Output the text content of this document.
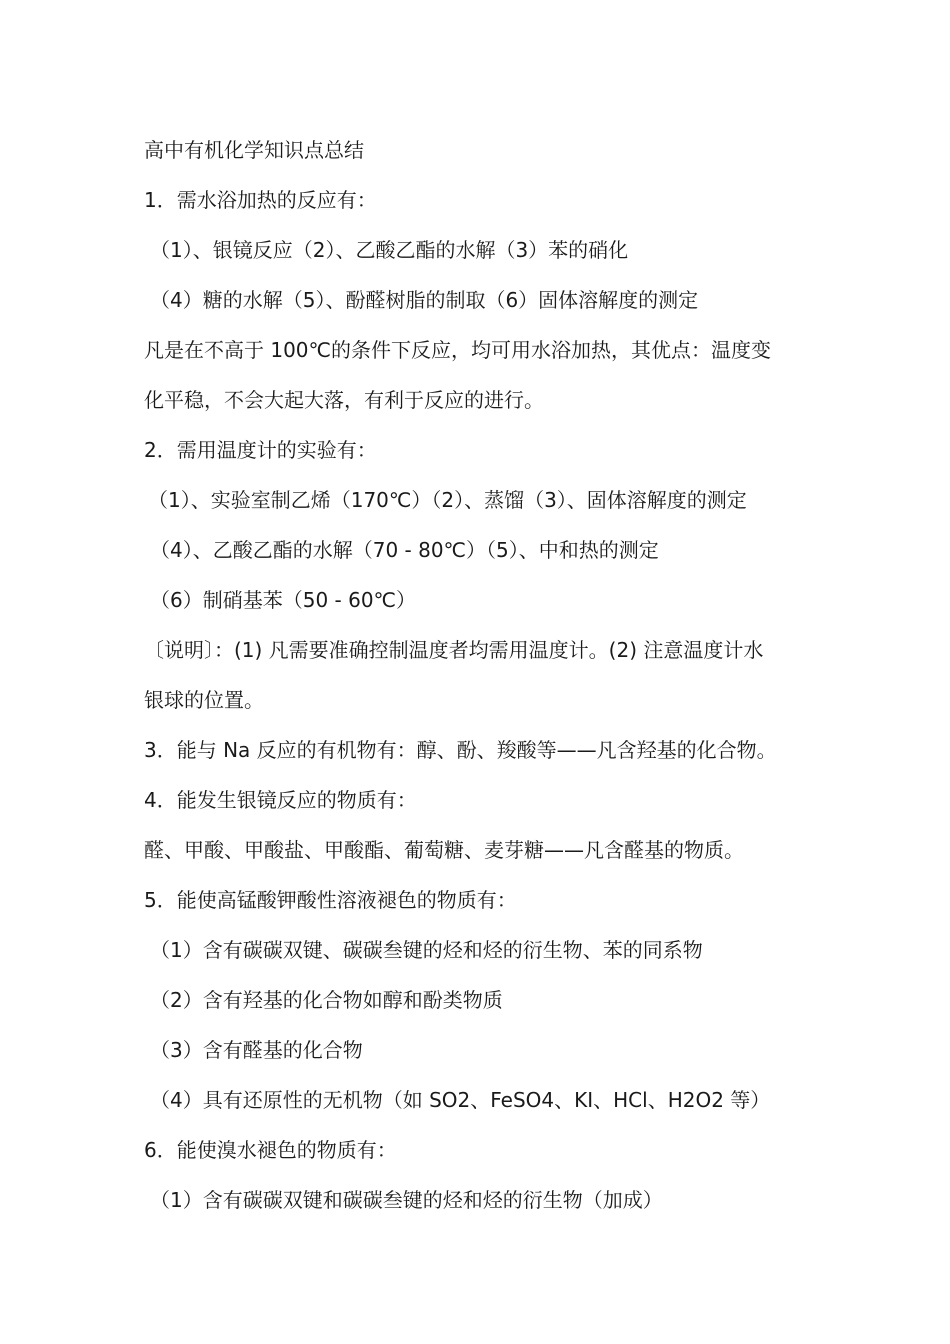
高中有机化学知识点总结
1．需水浴加热的反应有：
（1）、银镜反应（2）、乙酸乙酯的水解（3）苯的硝化
（4）糖的水解（5）、酚醛树脂的制取（6）固体溶解度的测定
凡是在不高于 100℃的条件下反应，均可用水浴加热，其优点：温度变
化平稳，不会大起大落，有利于反应的进行。
2．需用温度计的实验有：
（1）、实验室制乙烯（170℃）（2）、蒸馏（3）、固体溶解度的测定
（4）、乙酸乙酯的水解（70 - 80℃）（5）、中和热的测定
（6）制硝基苯（50 - 60℃）
〔说明〕：(1) 凡需要准确控制温度者均需用温度计。(2) 注意温度计水
银球的位置。
3．能与 Na 反应的有机物有：醇、酚、羧酸等——凡含羟基的化合物。
4．能发生银镜反应的物质有：
醛、甲酸、甲酸盐、甲酸酯、葡萄糖、麦芽糖——凡含醛基的物质。
5．能使高锰酸钾酸性溶液褪色的物质有：
（1）含有碳碳双键、碳碳叁键的烃和烃的衍生物、苯的同系物
（2）含有羟基的化合物如醇和酚类物质
（3）含有醛基的化合物
（4）具有还原性的无机物（如 SO2、FeSO4、KI、HCl、H2O2 等）
6．能使溴水褪色的物质有：
（1）含有碳碳双键和碳碳叁键的烃和烃的衍生物（加成）
